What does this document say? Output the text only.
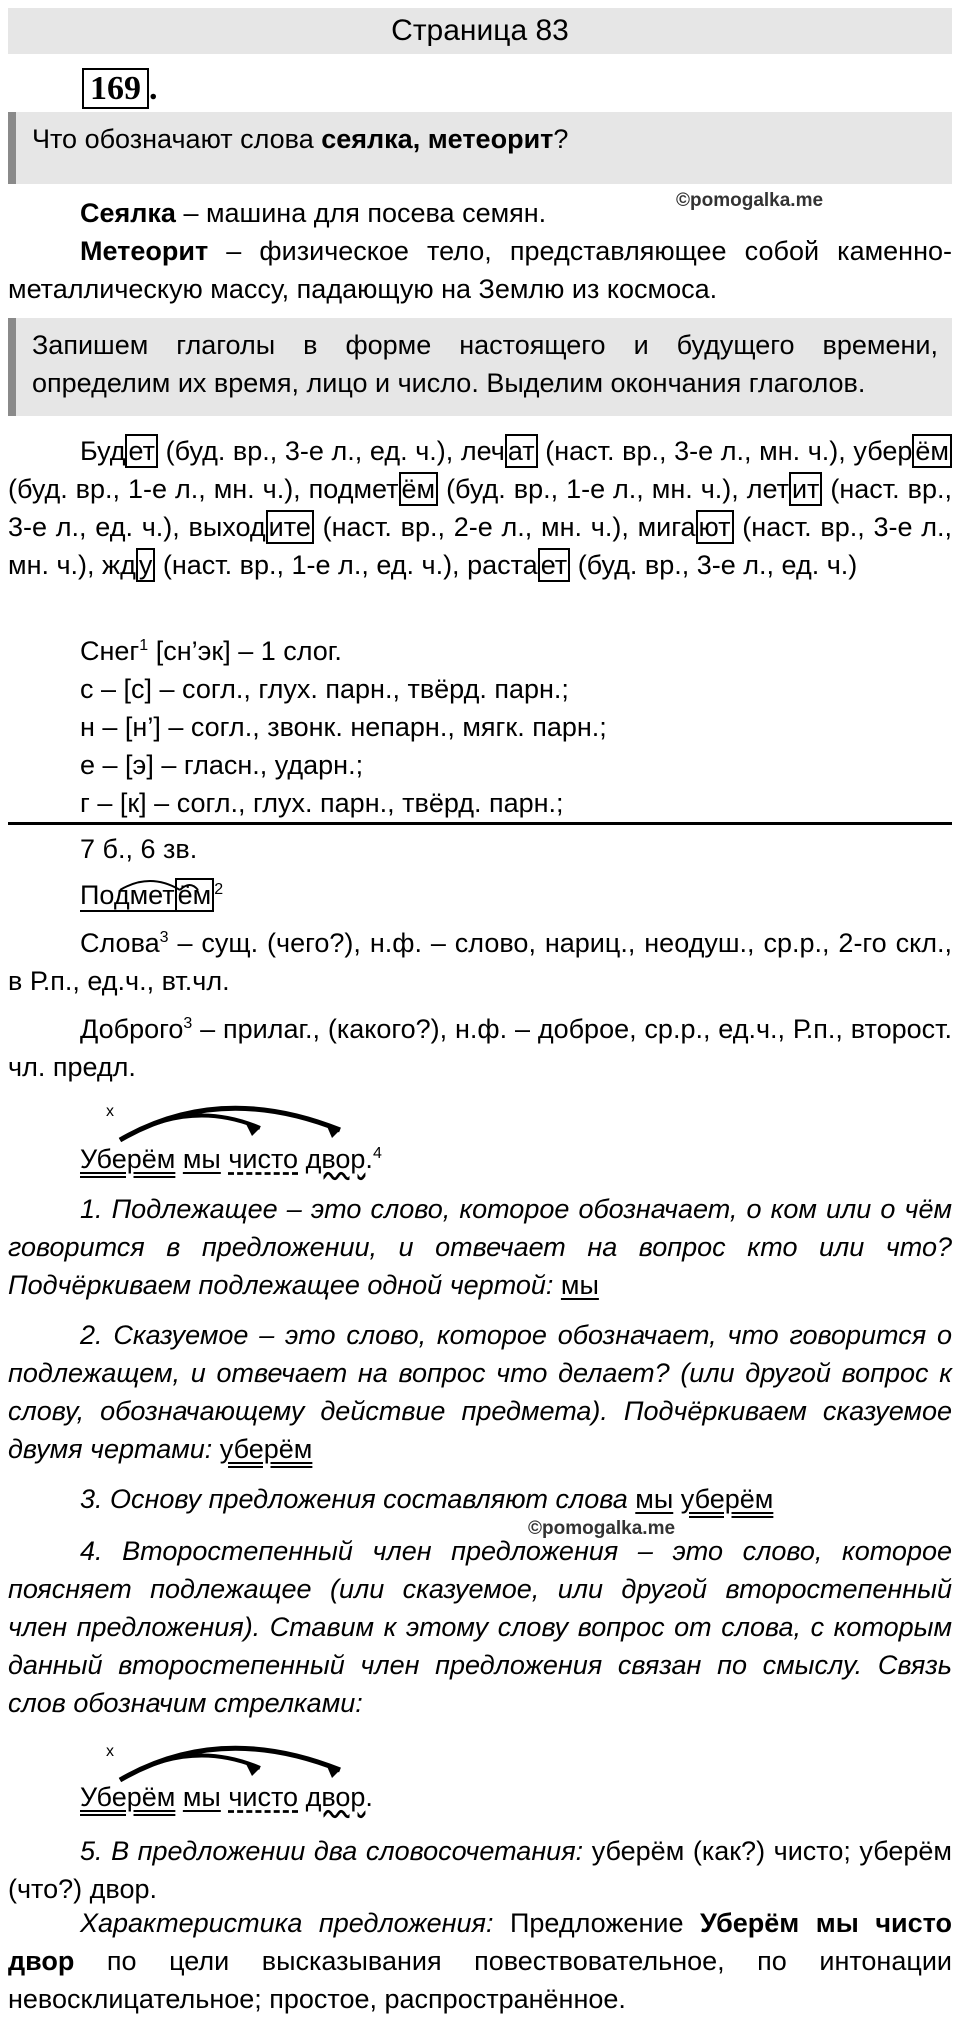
Страница 83
169 .
Что обозначают слова сеялка, метеорит?
©pomogalka.me
Сеялка – машина для посева семян.
Метеорит – физическое тело, представляющее собой каменно-металлическую массу, падающую на Землю из космоса.
Запишем глаголы в форме настоящего и будущего времени, определим их время, лицо и число. Выделим окончания глаголов.
Буд ет (буд. вр., 3-е л., ед. ч.), леч ат (наст. вр., 3-е л., мн. ч.), убер ём (буд. вр., 1-е л., мн. ч.), подмет ём (буд. вр., 1-е л., мн. ч.), лет ит (наст. вр., 3-е л., ед. ч.), выход ите (наст. вр., 2-е л., мн. ч.), мига ют (наст. вр., 3-е л., мн. ч.), жд у (наст. вр., 1-е л., ед. ч.), раста ет (буд. вр., 3-е л., ед. ч.)
Снег$^1$ [сн’эк] – 1 слог.
с – [с] – согл., глух. парн., твёрд. парн.;
н – [н’] – согл., звонк. непарн., мягк. парн.;
е – [э] – гласн., ударн.;
г – [к] – согл., глух. парн., твёрд. парн.;
7 б., 6 зв.
Подмет ём $^2$
Слова$^3$ – сущ. (чего?), н.ф. – слово, нариц., неодуш., ср.р., 2-го скл., в Р.п., ед.ч., вт.чл.
Доброго$^3$ – прилаг., (какого?), н.ф. – доброе, ср.р., ед.ч., Р.п., второст. чл. предл.
x
Уберём мы чисто двор.$^4$
1. Подлежащее – это слово, которое обозначает, о ком или о чём говорится в предложении, и отвечает на вопрос кто или что? Подчёркиваем подлежащее одной чертой: мы
2. Сказуемое – это слово, которое обозначает, что говорится о подлежащем, и отвечает на вопрос что делает? (или другой вопрос к слову, обозначающему действие предмета). Подчёркиваем сказуемое двумя чертами: уберём
3. Основу предложения составляют слова мы уберём
©pomogalka.me
4. Второстепенный член предложения – это слово, которое поясняет подлежащее (или сказуемое, или другой второстепенный член предложения). Ставим к этому слову вопрос от слова, с которым данный второстепенный член предложения связан по смыслу. Связь слов обозначим стрелками:
x
Уберём мы чисто двор.
5. В предложении два словосочетания: уберём (как?) чисто; уберём (что?) двор.
Характеристика предложения: Предложение Уберём мы чисто двор по цели высказывания повествовательное, по интонации невосклицательное; простое, распространённое.
